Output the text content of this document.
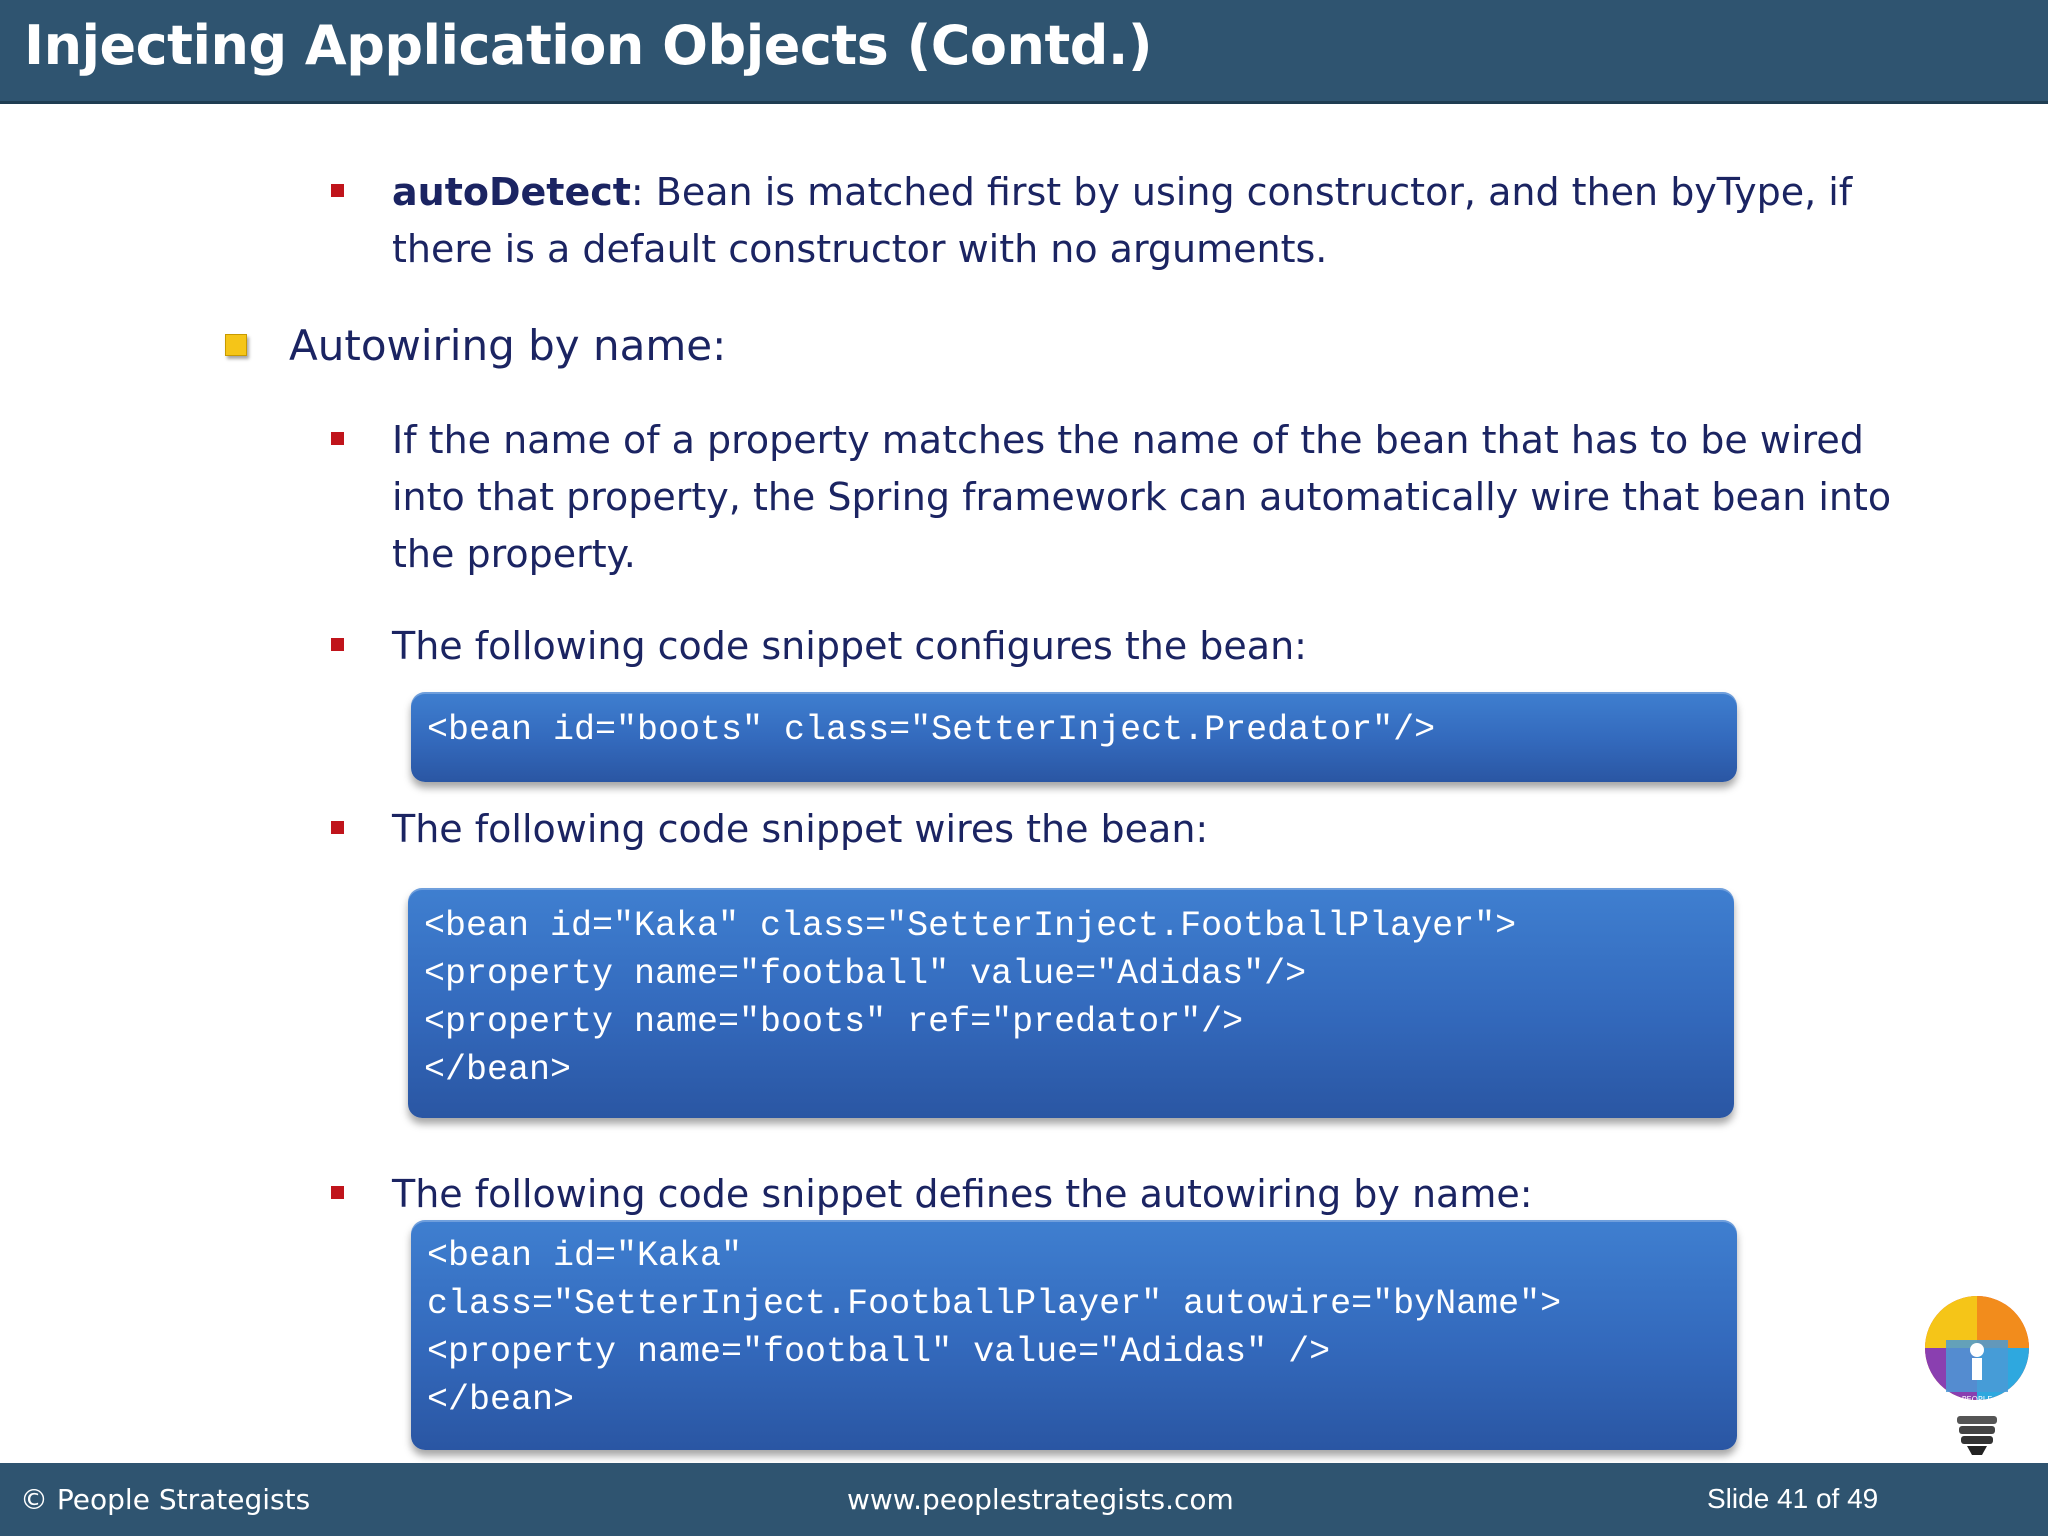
Injecting Application Objects (Contd.)
autoDetect: Bean is matched first by using constructor, and then byType, if
there is a default constructor with no arguments.
Autowiring by name:
If the name of a property matches the name of the bean that has to be wired
into that property, the Spring framework can automatically wire that bean into
the property.
The following code snippet configures the bean:
<bean id="boots" class="SetterInject.Predator"/>
The following code snippet wires the bean:
<bean id="Kaka" class="SetterInject.FootballPlayer">
<property name="football" value="Adidas"/>
<property name="boots" ref="predator"/>
</bean>
The following code snippet defines the autowiring by name:
<bean id="Kaka"
class="SetterInject.FootballPlayer" autowire="byName">
<property name="football" value="Adidas" />
</bean>	PEOPLE
STRATEGISTS
© People Strategists	www.peoplestrategists.com	Slide 41 of 49
